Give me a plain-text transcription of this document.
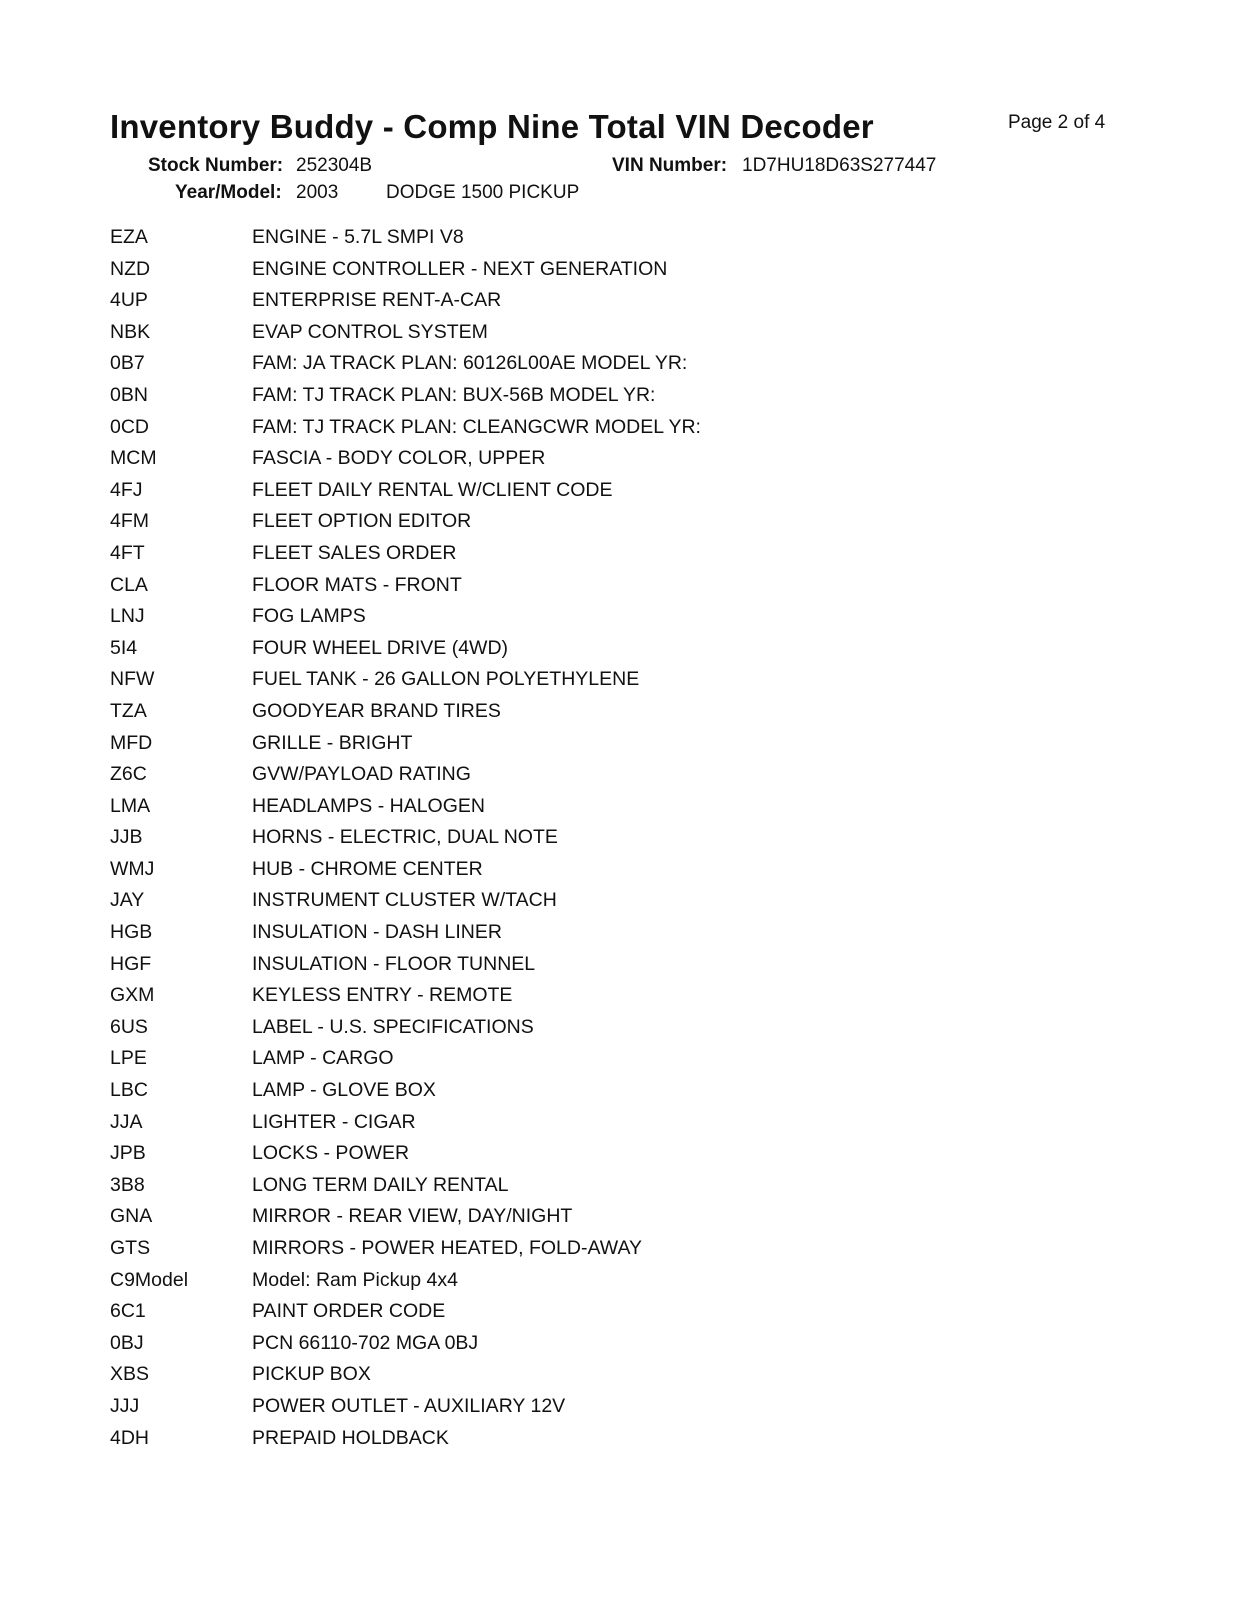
Inventory Buddy - Comp Nine Total VIN Decoder	Page 2 of 4
Stock Number: 252304B	VIN Number: 1D7HU18D63S277447
Year/Model: 2003	DODGE 1500 PICKUP
EZA	ENGINE - 5.7L SMPI V8
NZD	ENGINE CONTROLLER - NEXT GENERATION
4UP	ENTERPRISE RENT-A-CAR
NBK	EVAP CONTROL SYSTEM
0B7	FAM: JA TRACK PLAN: 60126L00AE MODEL YR:
0BN	FAM: TJ TRACK PLAN: BUX-56B MODEL YR:
0CD	FAM: TJ TRACK PLAN: CLEANGCWR MODEL YR:
MCM	FASCIA - BODY COLOR, UPPER
4FJ	FLEET DAILY RENTAL W/CLIENT CODE
4FM	FLEET OPTION EDITOR
4FT	FLEET SALES ORDER
CLA	FLOOR MATS - FRONT
LNJ	FOG LAMPS
5I4	FOUR WHEEL DRIVE (4WD)
NFW	FUEL TANK - 26 GALLON POLYETHYLENE
TZA	GOODYEAR BRAND TIRES
MFD	GRILLE - BRIGHT
Z6C	GVW/PAYLOAD RATING
LMA	HEADLAMPS - HALOGEN
JJB	HORNS - ELECTRIC, DUAL NOTE
WMJ	HUB - CHROME CENTER
JAY	INSTRUMENT CLUSTER W/TACH
HGB	INSULATION - DASH LINER
HGF	INSULATION - FLOOR TUNNEL
GXM	KEYLESS ENTRY - REMOTE
6US	LABEL - U.S. SPECIFICATIONS
LPE	LAMP - CARGO
LBC	LAMP - GLOVE BOX
JJA	LIGHTER - CIGAR
JPB	LOCKS - POWER
3B8	LONG TERM DAILY RENTAL
GNA	MIRROR - REAR VIEW, DAY/NIGHT
GTS	MIRRORS - POWER HEATED, FOLD-AWAY
C9Model	Model: Ram Pickup 4x4
6C1	PAINT ORDER CODE
0BJ	PCN 66110-702 MGA 0BJ
XBS	PICKUP BOX
JJJ	POWER OUTLET - AUXILIARY 12V
4DH	PREPAID HOLDBACK
